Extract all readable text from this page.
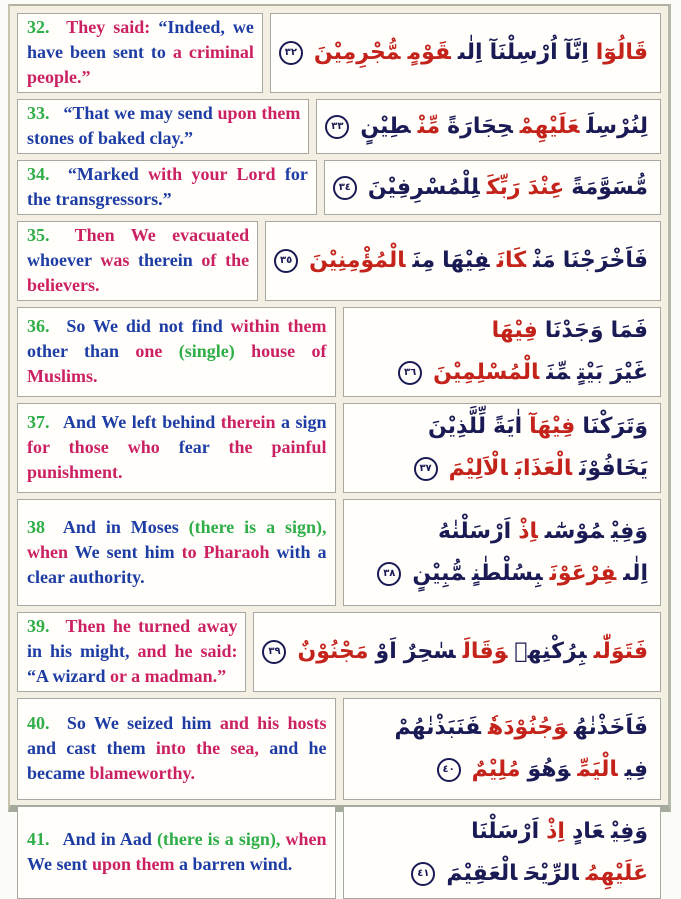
32. They said: “Indeed, we have been sent to a criminal people.”

قَالُوٓااِنَّآاُرْسِلْنَآاِلٰىقَوْمٍمُّجْرِمِيْنَ٣٢

33. “That we may send upon them stones of baked clay.”	لِنُرْسِلَعَلَيْهِمْحِجَارَةًمِّنْطِيْنٍ٣٣

34. “Marked with your Lord for the transgressors.”	مُّسَوَّمَةًعِنْدَرَبِّكَلِلْمُسْرِفِيْنَ٣٤

35. Then We evacuated whoever was therein of the believers.

فَاَخْرَجْنَامَنْكَانَفِيْهَامِنَالْمُؤْمِنِيْنَ٣٥

36. So We did not find within them other than one (single) house of Muslims.

فَمَاوَجَدْنَافِيْهَا
غَيْرَبَيْتٍمِّنَالْمُسْلِمِيْنَ٣٦

37. And We left behind therein a sign for those who fear the painful punishment.

وَتَرَكْنَافِيْهَآاٰيَةًلِّلَّذِيْنَ
يَخَافُوْنَالْعَذَابَالْاَلِيْمَ٣٧

38 And in Moses (there is a sign), when We sent him to Pharaoh with a clear authority.

وَفِيْمُوْسٰٓىاِذْاَرْسَلْنٰهُ
اِلٰىفِرْعَوْنَبِسُلْطٰنٍمُّبِيْنٍ٣٨

39. Then he turned away in his might, and he said: “A wizard or a madman.”

فَتَوَلّٰىبِرُكْنِهٖوَقَالَسٰحِرٌاَوْمَجْنُوْنٌ٣٩

40. So We seized him and his hosts and cast them into the sea, and he became blameworthy.

فَاَخَذْنٰهُوَجُنُوْدَهٗفَنَبَذْنٰهُمْ
فِيالْيَمِّوَهُوَمُلِيْمٌ٤٠

41. And in Aad (there is a sign), when We sent upon them a barren wind.

وَفِيْعَادٍاِذْاَرْسَلْنَا
عَلَيْهِمُالرِّيْحَالْعَقِيْمَ٤١
